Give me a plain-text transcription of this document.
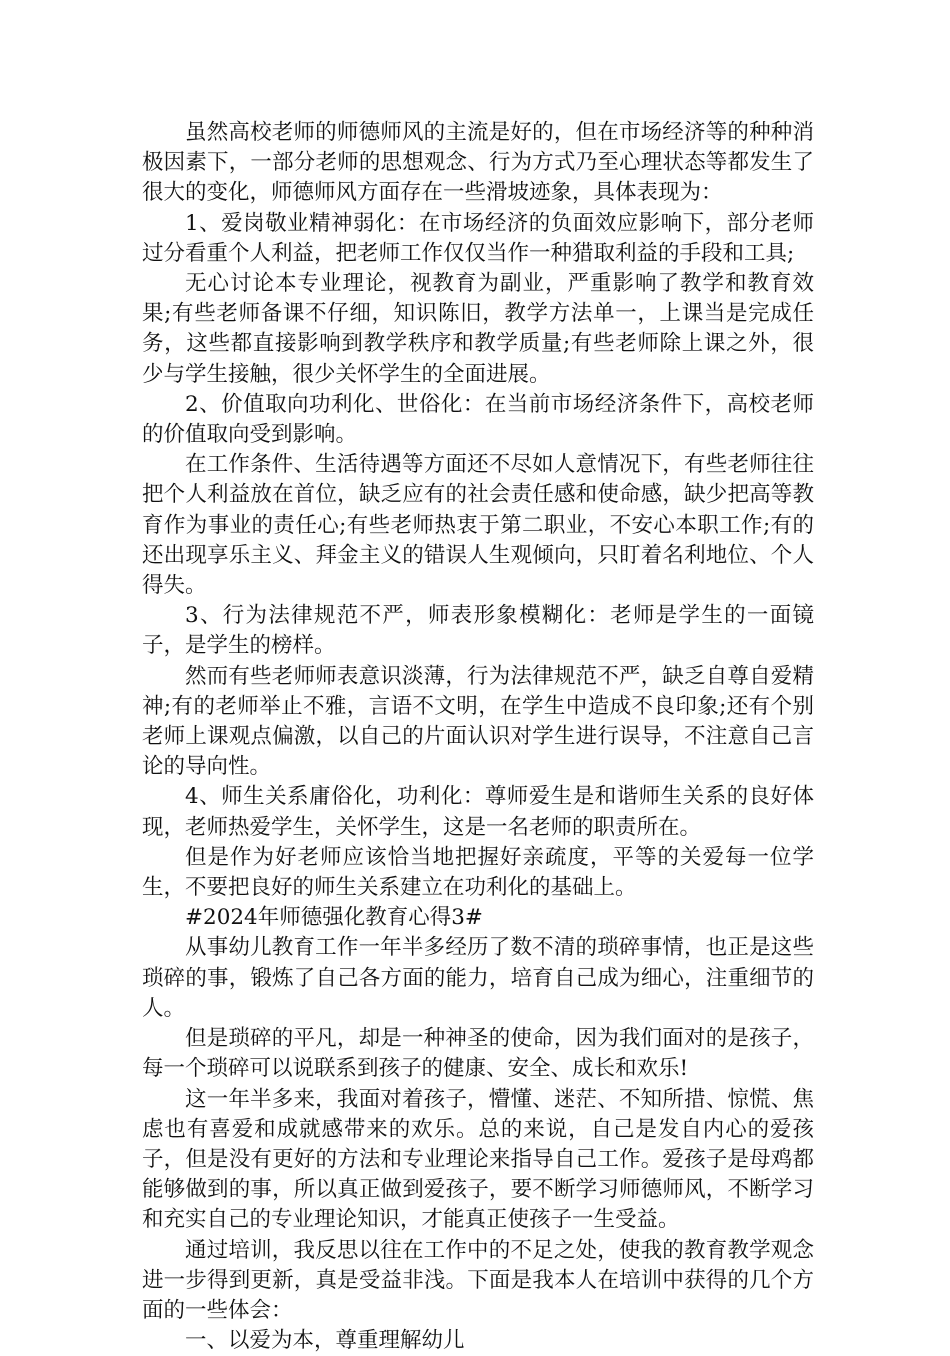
虽然高校老师的师德师风的主流是好的，但在市场经济等的种种消极因素下，一部分老师的思想观念、行为方式乃至心理状态等都发生了很大的变化，师德师风方面存在一些滑坡迹象，具体表现为：

1、爱岗敬业精神弱化：在市场经济的负面效应影响下，部分老师过分看重个人利益，把老师工作仅仅当作一种猎取利益的手段和工具;

无心讨论本专业理论，视教育为副业，严重影响了教学和教育效果;有些老师备课不仔细，知识陈旧，教学方法单一，上课当是完成任务，这些都直接影响到教学秩序和教学质量;有些老师除上课之外，很少与学生接触，很少关怀学生的全面进展。

2、价值取向功利化、世俗化：在当前市场经济条件下，高校老师的价值取向受到影响。

在工作条件、生活待遇等方面还不尽如人意情况下，有些老师往往把个人利益放在首位，缺乏应有的社会责任感和使命感，缺少把高等教育作为事业的责任心;有些老师热衷于第二职业，不安心本职工作;有的还出现享乐主义、拜金主义的错误人生观倾向，只盯着名利地位、个人得失。

3、行为法律规范不严，师表形象模糊化：老师是学生的一面镜子，是学生的榜样。

然而有些老师师表意识淡薄，行为法律规范不严，缺乏自尊自爱精神;有的老师举止不雅，言语不文明，在学生中造成不良印象;还有个别老师上课观点偏激，以自己的片面认识对学生进行误导，不注意自己言论的导向性。

4、师生关系庸俗化，功利化：尊师爱生是和谐师生关系的良好体现，老师热爱学生，关怀学生，这是一名老师的职责所在。

但是作为好老师应该恰当地把握好亲疏度，平等的关爱每一位学生，不要把良好的师生关系建立在功利化的基础上。

#2024年师德强化教育心得3#

从事幼儿教育工作一年半多经历了数不清的琐碎事情，也正是这些琐碎的事，锻炼了自己各方面的能力，培育自己成为细心，注重细节的人。

但是琐碎的平凡，却是一种神圣的使命，因为我们面对的是孩子，每一个琐碎可以说联系到孩子的健康、安全、成长和欢乐!

这一年半多来，我面对着孩子，懵懂、迷茫、不知所措、惊慌、焦虑也有喜爱和成就感带来的欢乐。总的来说，自己是发自内心的爱孩子，但是没有更好的方法和专业理论来指导自己工作。爱孩子是母鸡都能够做到的事，所以真正做到爱孩子，要不断学习师德师风，不断学习和充实自己的专业理论知识，才能真正使孩子一生受益。

通过培训，我反思以往在工作中的不足之处，使我的教育教学观念进一步得到更新，真是受益非浅。下面是我本人在培训中获得的几个方面的一些体会：

一、以爱为本，尊重理解幼儿
